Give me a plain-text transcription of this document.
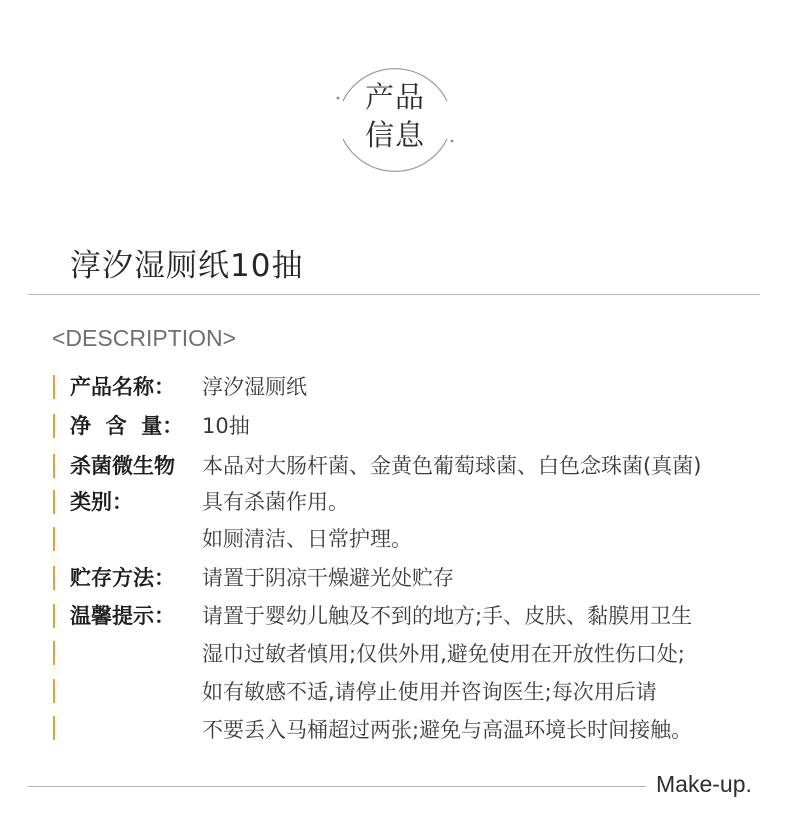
产品
信息
淳汐湿厕纸10抽
<DESCRIPTION>
产品名称： 淳汐湿厕纸
净  含  量： 10抽
杀菌微生物
类别：
本品对大肠杆菌、金黄色葡萄球菌、白色念珠菌(真菌)
具有杀菌作用。
如厕清洁、日常护理。
贮存方法： 请置于阴凉干燥避光处贮存
温馨提示： 请置于婴幼儿触及不到的地方;手、皮肤、黏膜用卫生
湿巾过敏者慎用;仅供外用,避免使用在开放性伤口处;
如有敏感不适,请停止使用并咨询医生;每次用后请
不要丢入马桶超过两张;避免与高温环境长时间接触。
Make-up.
